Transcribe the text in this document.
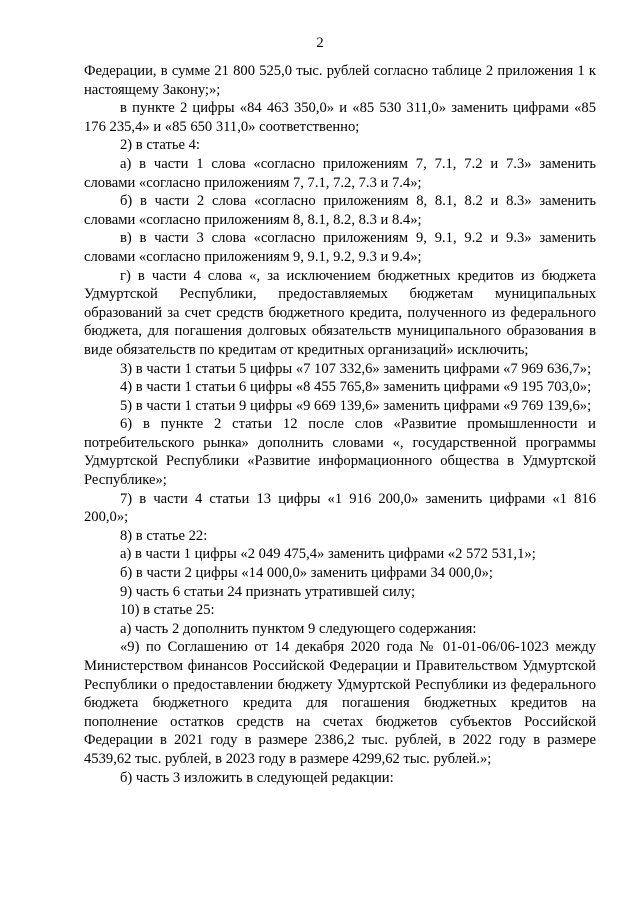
2

Федерации, в сумме 21 800 525,0 тыс. рублей согласно таблице 2 приложения 1 к настоящему Закону;»;

в пункте 2 цифры «84 463 350,0» и «85 530 311,0» заменить цифрами «85 176 235,4» и «85 650 311,0» соответственно;

2) в статье 4:

а) в части 1 слова «согласно приложениям 7, 7.1, 7.2 и 7.3» заменить словами «согласно приложениям 7, 7.1, 7.2, 7.3 и 7.4»;

б) в части 2 слова «согласно приложениям 8, 8.1, 8.2 и 8.3» заменить словами «согласно приложениям 8, 8.1, 8.2, 8.3 и 8.4»;

в) в части 3 слова «согласно приложениям 9, 9.1, 9.2 и 9.3» заменить словами «согласно приложениям 9, 9.1, 9.2, 9.3 и 9.4»;

г) в части 4 слова «, за исключением бюджетных кредитов из бюджета Удмуртской Республики, предоставляемых бюджетам муниципальных образований за счет средств бюджетного кредита, полученного из федерального бюджета, для погашения долговых обязательств муниципального образования в виде обязательств по кредитам от кредитных организаций» исключить;

3) в части 1 статьи 5 цифры «7 107 332,6» заменить цифрами «7 969 636,7»;

4) в части 1 статьи 6 цифры «8 455 765,8» заменить цифрами «9 195 703,0»;

5) в части 1 статьи 9 цифры «9 669 139,6» заменить цифрами «9 769 139,6»;

6) в пункте 2 статьи 12 после слов «Развитие промышленности и потребительского рынка» дополнить словами «, государственной программы Удмуртской Республики «Развитие информационного общества в Удмуртской Республике»;

7) в части 4 статьи 13 цифры «1 916 200,0» заменить цифрами «1 816 200,0»;

8) в статье 22:

а) в части 1 цифры «2 049 475,4» заменить цифрами «2 572 531,1»;

б) в части 2 цифры «14 000,0» заменить цифрами 34 000,0»;

9) часть 6 статьи 24 признать утратившей силу;

10) в статье 25:

а) часть 2 дополнить пунктом 9 следующего содержания:

«9) по Соглашению от 14 декабря 2020 года № 01-01-06/06-1023 между Министерством финансов Российской Федерации и Правительством Удмуртской Республики о предоставлении бюджету Удмуртской Республики из федерального бюджета бюджетного кредита для погашения бюджетных кредитов на пополнение остатков средств на счетах бюджетов субъектов Российской Федерации в 2021 году в размере 2386,2 тыс. рублей, в 2022 году в размере 4539,62 тыс. рублей, в 2023 году в размере 4299,62 тыс. рублей.»;

б) часть 3 изложить в следующей редакции:
